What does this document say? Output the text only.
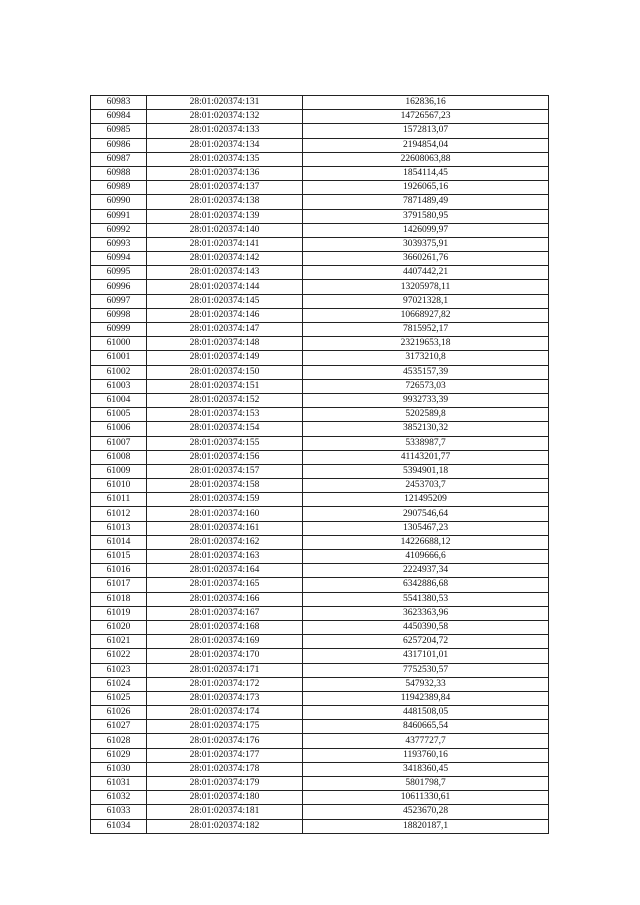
60983	28:01:020374:131	162836,16
60984	28:01:020374:132	14726567,23
60985	28:01:020374:133	1572813,07
60986	28:01:020374:134	2194854,04
60987	28:01:020374:135	22608063,88
60988	28:01:020374:136	1854114,45
60989	28:01:020374:137	1926065,16
60990	28:01:020374:138	7871489,49
60991	28:01:020374:139	3791580,95
60992	28:01:020374:140	1426099,97
60993	28:01:020374:141	3039375,91
60994	28:01:020374:142	3660261,76
60995	28:01:020374:143	4407442,21
60996	28:01:020374:144	13205978,11
60997	28:01:020374:145	97021328,1
60998	28:01:020374:146	10668927,82
60999	28:01:020374:147	7815952,17
61000	28:01:020374:148	23219653,18
61001	28:01:020374:149	3173210,8
61002	28:01:020374:150	4535157,39
61003	28:01:020374:151	726573,03
61004	28:01:020374:152	9932733,39
61005	28:01:020374:153	5202589,8
61006	28:01:020374:154	3852130,32
61007	28:01:020374:155	5338987,7
61008	28:01:020374:156	41143201,77
61009	28:01:020374:157	5394901,18
61010	28:01:020374:158	2453703,7
61011	28:01:020374:159	121495209
61012	28:01:020374:160	2907546,64
61013	28:01:020374:161	1305467,23
61014	28:01:020374:162	14226688,12
61015	28:01:020374:163	4109666,6
61016	28:01:020374:164	2224937,34
61017	28:01:020374:165	6342886,68
61018	28:01:020374:166	5541380,53
61019	28:01:020374:167	3623363,96
61020	28:01:020374:168	4450390,58
61021	28:01:020374:169	6257204,72
61022	28:01:020374:170	4317101,01
61023	28:01:020374:171	7752530,57
61024	28:01:020374:172	547932,33
61025	28:01:020374:173	11942389,84
61026	28:01:020374:174	4481508,05
61027	28:01:020374:175	8460665,54
61028	28:01:020374:176	4377727,7
61029	28:01:020374:177	1193760,16
61030	28:01:020374:178	3418360,45
61031	28:01:020374:179	5801798,7
61032	28:01:020374:180	10611330,61
61033	28:01:020374:181	4523670,28
61034	28:01:020374:182	18820187,1
